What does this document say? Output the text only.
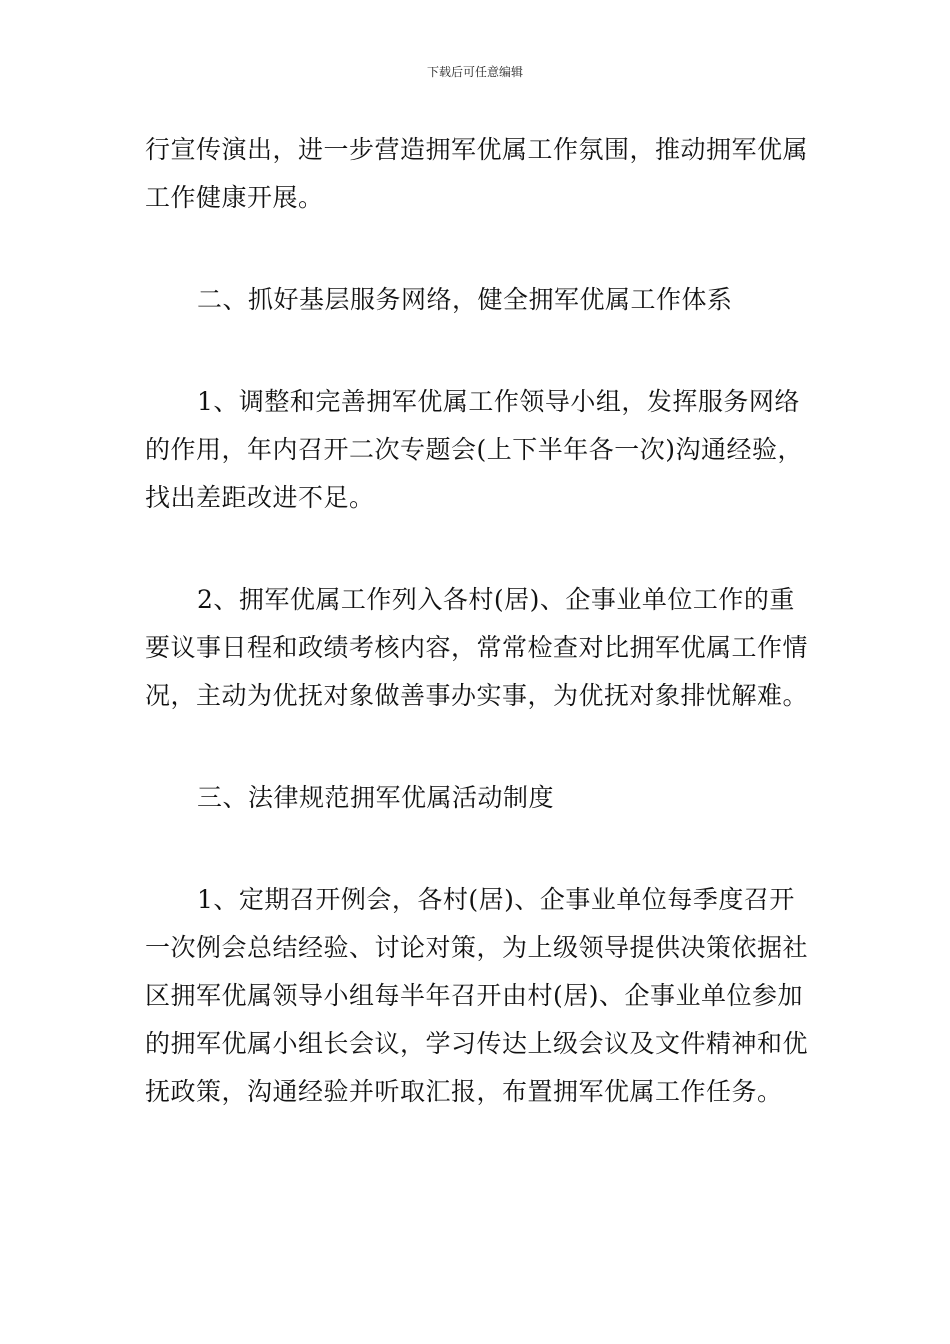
下载后可任意编辑

行宣传演出，进一步营造拥军优属工作氛围，推动拥军优属工作健康开展。

二、抓好基层服务网络，健全拥军优属工作体系

1、调整和完善拥军优属工作领导小组，发挥服务网络的作用，年内召开二次专题会(上下半年各一次)沟通经验，找出差距改进不足。

2、拥军优属工作列入各村(居)、企事业单位工作的重要议事日程和政绩考核内容，常常检查对比拥军优属工作情况，主动为优抚对象做善事办实事，为优抚对象排忧解难。

三、法律规范拥军优属活动制度

1、定期召开例会，各村(居)、企事业单位每季度召开一次例会总结经验、讨论对策，为上级领导提供决策依据社区拥军优属领导小组每半年召开由村(居)、企事业单位参加的拥军优属小组长会议，学习传达上级会议及文件精神和优抚政策，沟通经验并听取汇报，布置拥军优属工作任务。
